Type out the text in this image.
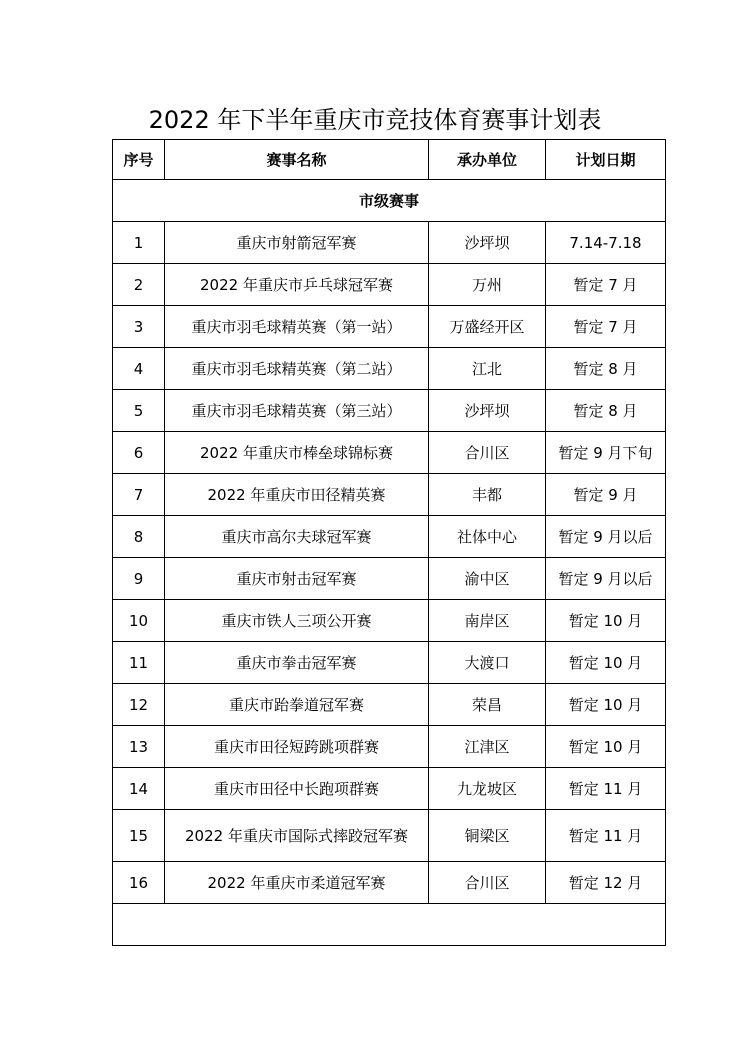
2022 年下半年重庆市竞技体育赛事计划表
序号	赛事名称	承办单位	计划日期
市级赛事			
1	重庆市射箭冠军赛	沙坪坝	7.14-7.18
2	2022 年重庆市乒乓球冠军赛	万州	暂定 7 月
3	重庆市羽毛球精英赛（第一站）	万盛经开区	暂定 7 月
4	重庆市羽毛球精英赛（第二站）	江北	暂定 8 月
5	重庆市羽毛球精英赛（第三站）	沙坪坝	暂定 8 月
6	2022 年重庆市棒垒球锦标赛	合川区	暂定 9 月下旬
7	2022 年重庆市田径精英赛	丰都	暂定 9 月
8	重庆市高尔夫球冠军赛	社体中心	暂定 9 月以后
9	重庆市射击冠军赛	渝中区	暂定 9 月以后
10	重庆市铁人三项公开赛	南岸区	暂定 10 月
11	重庆市拳击冠军赛	大渡口	暂定 10 月
12	重庆市跆拳道冠军赛	荣昌	暂定 10 月
13	重庆市田径短跨跳项群赛	江津区	暂定 10 月
14	重庆市田径中长跑项群赛	九龙坡区	暂定 11 月
15	2022 年重庆市国际式摔跤冠军赛	铜梁区	暂定 11 月
16	2022 年重庆市柔道冠军赛	合川区	暂定 12 月
